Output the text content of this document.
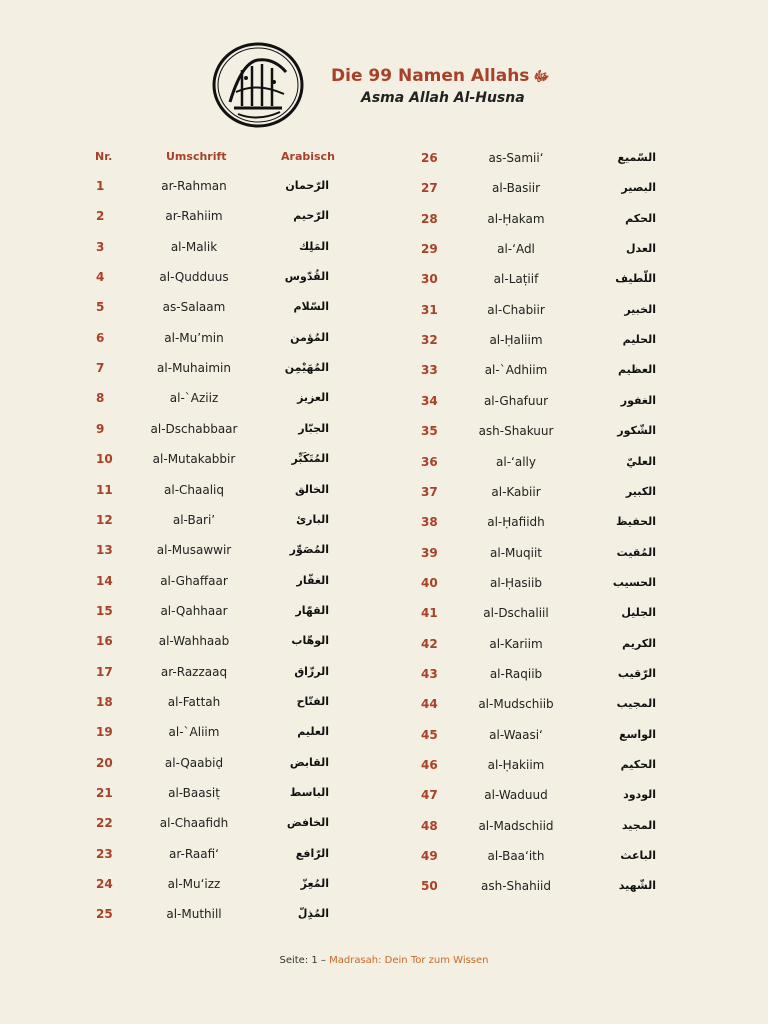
Die 99 Namen Allahs ﷻ
Asma Allah Al-Husna
Nr.	Umschrift	Arabisch
1	ar-Rahman	الرّحمان
2	ar-Rahiim	الرّحيم
3	al-Malik	المَلِك
4	al-Qudduus	القُدّوس
5	as-Salaam	السّلام
6	al-Mu’min	المُؤمن
7	al-Muhaimin	المُهَيْمِن
8	al-`Aziiz	العزيز
9	al-Dschabbaar	الجبّار
10	al-Mutakabbir	المُتَكَبِّر
11	al-Chaaliq	الخالق
12	al-Bari’	البارئ
13	al-Musawwir	المُصَوِّر
14	al-Ghaffaar	الغفّار
15	al-Qahhaar	القهّار
16	al-Wahhaab	الوهّاب
17	ar-Razzaaq	الرزّاق
18	al-Fattah	الفتّاح
19	al-`Aliim	العليم
20	al-Qaabiḍ	القابض
21	al-Baasiṭ	الباسط
22	al-Chaafidh	الخافض
23	ar-Raafi‘	الرّافع
24	al-Mu‘izz	المُعِزّ
25	al-Muthill	المُذِلّ
26	as-Samii‘	السّميع
27	al-Basiir	البصير
28	al-Ḥakam	الحكم
29	al-‘Adl	العدل
30	al-Laṭiif	اللّطيف
31	al-Chabiir	الخبير
32	al-Ḥaliim	الحليم
33	al-`Adhiim	العظيم
34	al-Ghafuur	الغفور
35	ash-Shakuur	الشّكور
36	al-‘ally	العليّ
37	al-Kabiir	الكبير
38	al-Ḥafiidh	الحفيظ
39	al-Muqiit	المُقيت
40	al-Ḥasiib	الحسيب
41	al-Dschaliil	الجليل
42	al-Kariim	الكريم
43	al-Raqiib	الرّقيب
44	al-Mudschiib	المجيب
45	al-Waasi‘	الواسع
46	al-Ḥakiim	الحكيم
47	al-Waduud	الودود
48	al-Madschiid	المجيد
49	al-Baa‘ith	الباعث
50	ash-Shahiid	الشّهيد
Seite: 1 – Madrasah: Dein Tor zum Wissen
